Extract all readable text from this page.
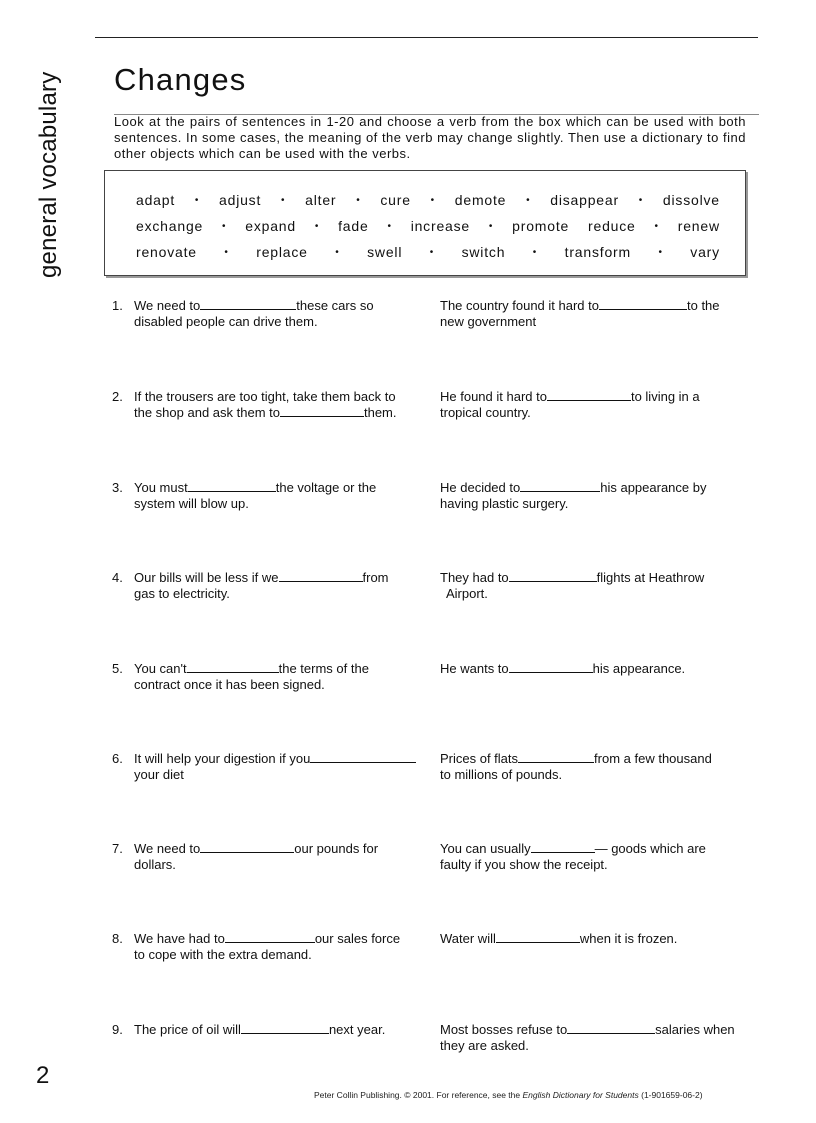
general vocabulary Changes
Look at the pairs of sentences in 1-20 and choose a verb from the box which can be used with both sentences. In some cases, the meaning of the verb may change slightly. Then use a dictionary to find other objects which can be used with the verbs.
adapt • adjust • alter • cure • demote • disappear • dissolve
exchange • expand • fade • increase • promote reduce • renew
renovate	• replace	• swell	• switch	• transform	• vary
1. We need to	these cars so
disabled people can drive them.
The country found it hard to	to the
new government
2. If the trousers are too tight, take them back to
the shop and ask them to	them.
He found it hard to	to living in a
tropical country.
3. You must	the voltage or the
system will blow up.
He decided to	his appearance by
having plastic surgery.
4. Our bills will be less if we	from
gas to electricity.
They had to	flights at Heathrow
Airport.
5. You can't	the terms of the
contract once it has been signed.
He wants to	his appearance.
6. It will help your digestion if you
your diet
Prices of flats	from a few thousand
to millions of pounds.
7. We need to	our pounds for
dollars.
You can usually	— goods which are
faulty if you show the receipt.
8. We have had to	our sales force
to cope with the extra demand.
Water will	when it is frozen.
9. The price of oil will	next year.	Most bosses refuse to	salaries when
they are asked.

2

Peter Collin Publishing. © 2001. For reference, see the English Dictionary for Students (1-901659-06-2)
